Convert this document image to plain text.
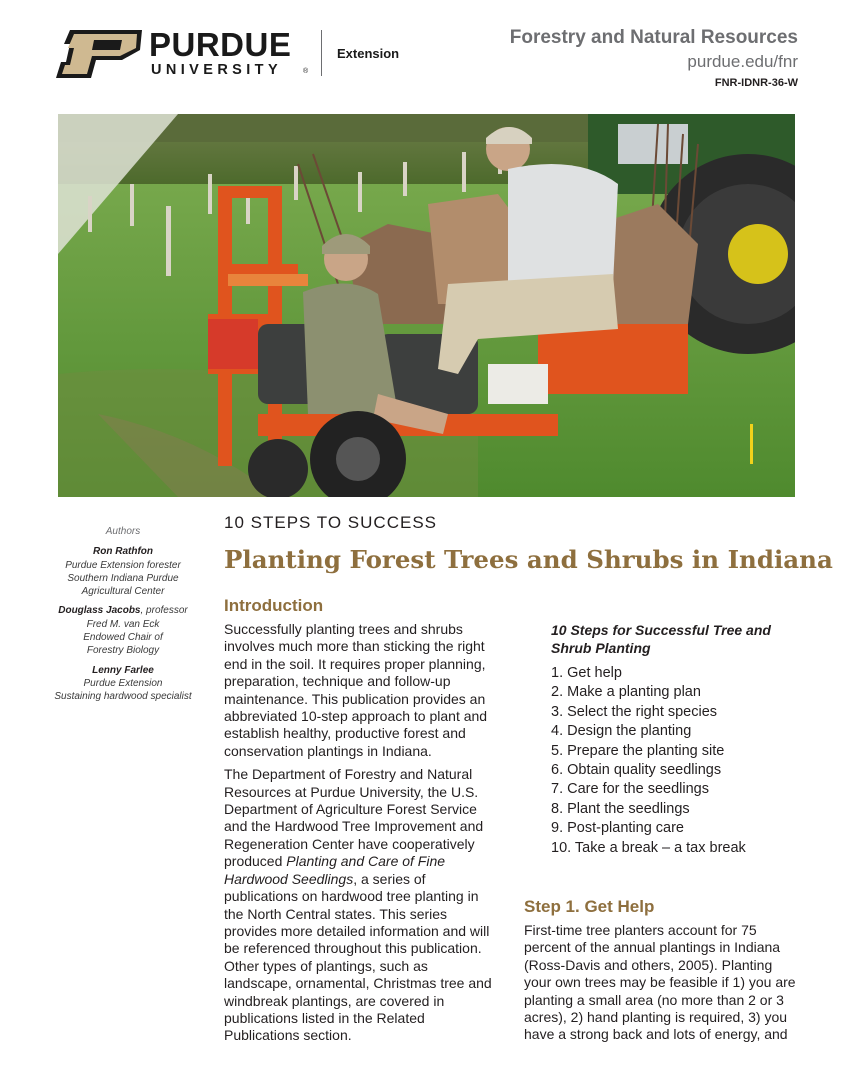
PURDUE
UNIVERSITY	®
Extension
Forestry and Natural Resources
purdue.edu/fnr
FNR-IDNR-36-W
Authors
Ron Rathfon
Purdue Extension forester
Southern Indiana Purdue
Agricultural Center
Douglass Jacobs, professor
Fred M. van Eck
Endowed Chair of
Forestry Biology
Lenny Farlee
Purdue Extension
Sustaining hardwood specialist
10 STEPS TO SUCCESS
Planting Forest Trees and Shrubs in Indiana
Introduction

Successfully planting trees and shrubs involves much more than sticking the right end in the soil. It requires proper planning, preparation, technique and follow-up maintenance. This publication provides an abbreviated 10-step approach to plant and establish healthy, productive forest and conservation plantings in Indiana.

The Department of Forestry and Natural Resources at Purdue University, the U.S. Department of Agriculture Forest Service and the Hardwood Tree Improvement and Regeneration Center have cooperatively produced Planting and Care of Fine Hardwood Seedlings, a series of publications on hardwood tree planting in the North Central states. This series provides more detailed information and will be referenced throughout this publication. Other types of plantings, such as landscape, ornamental, Christmas tree and windbreak plantings, are covered in publications listed in the Related Publications section.

10 Steps for Successful Tree and Shrub Planting
1. Get help
2. Make a planting plan
3. Select the right species
4. Design the planting
5. Prepare the planting site
6. Obtain quality seedlings
7. Care for the seedlings
8. Plant the seedlings
9. Post-planting care
10. Take a break – a tax break
Step 1. Get Help

First-time tree planters account for 75 percent of the annual plantings in Indiana (Ross-Davis and others, 2005). Planting your own trees may be feasible if 1) you are planting a small area (no more than 2 or 3 acres), 2) hand planting is required, 3) you have a strong back and lots of energy, and
